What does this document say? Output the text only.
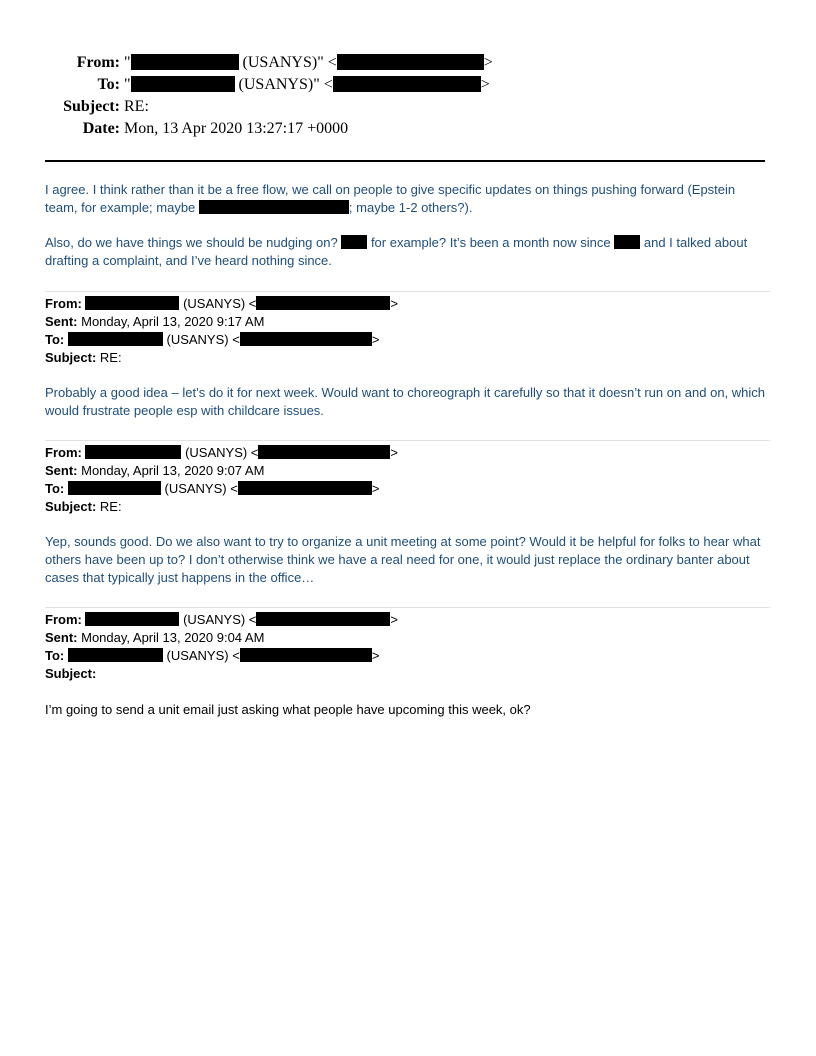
From: "	(USANYS)" <	>
To: "	(USANYS)" <	>
Subject: RE:
Date: Mon, 13 Apr 2020 13:27:17 +0000

I agree. I think rather than it be a free flow, we call on people to give specific updates on things pushing forward (Epstein team, for example; maybe	; maybe 1-2 others?).

Also, do we have things we should be nudging on?  for example? It’s been a month now since  and I talked about drafting a complaint, and I’ve heard nothing since.

From:	(USANYS) <	>
Sent: Monday, April 13, 2020 9:17 AM
To:	(USANYS) <	>
Subject: RE:
Probably a good idea – let’s do it for next week. Would want to choreograph it carefully so that it doesn’t run on and on, which would frustrate people esp with childcare issues.
From:	(USANYS) <	>
Sent: Monday, April 13, 2020 9:07 AM
To:	(USANYS) <	>
Subject: RE:
Yep, sounds good. Do we also want to try to organize a unit meeting at some point? Would it be helpful for folks to hear what others have been up to? I don’t otherwise think we have a real need for one, it would just replace the ordinary banter about cases that typically just happens in the office…
From:	(USANYS) <	>
Sent: Monday, April 13, 2020 9:04 AM
To:	(USANYS) <	>
Subject:
I’m going to send a unit email just asking what people have upcoming this week, ok?
